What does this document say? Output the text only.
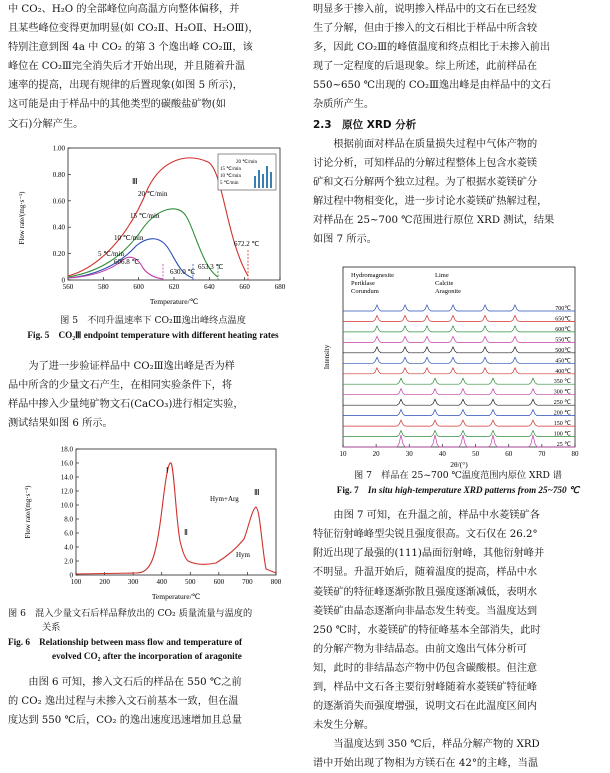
中 CO₂、H₂O 的全部峰位向高温方向整体偏移，并

且某些峰位变得更加明显(如 CO₂Ⅱ、H₂OⅡ、H₂OⅢ)，

特别注意到图 4a 中 CO₂ 的第 3 个逸出峰 CO₂Ⅲ，该

峰位在 CO₂Ⅲ完全消失后才开始出现，并且随着升温

速率的提高，出现有规律的后置现象(如图 5 所示)，

这可能是由于样品中的其他类型的碳酸盐矿物(如

文石)分解产生。

0
0.20
0.40
0.60
0.80
1.00
560	580	600	620	640	660	680
606.8 ℃
630.0 ℃
653.3 ℃
672.2 ℃
Ⅲ
20 ℃/min
15 ℃/min
10 ℃/min
5 ℃/min
20 ℃/min
15 ℃/min
10 ℃/min
5 ℃/min
Flow rate/(mg·s⁻¹)
Temperature/℃
图 5　不同升温速率下 CO₂Ⅲ逸出峰终点温度
Fig. 5　 CO₂Ⅲ endpoint temperature with different heating rates

为了进一步验证样品中 CO₂Ⅲ逸出峰是否为样

品中所含的少量文石产生，在相同实验条件下，将

样品中掺入少量纯矿物文石(CaCO₃)进行相定实验，

测试结果如图 6 所示。

0
2.0
4.0
6.0
8.0
10.0
12.0
14.0
16.0
18.0
100	200	300	400	500	600	700	800
Ⅰ
Ⅱ
Hym+Arg
Ⅲ
Hym
Flow rate/(mg·s⁻¹)
Temperature/℃
图 6　混入少量文石后样品释放出的 CO₂ 质量流量与温度的
关系
Fig. 6　Relationship between mass flow and temperature of
evolved CO₂ after the incorporation of aragonite

由图 6 可知，掺入文石后的样品在 550 ℃之前

的 CO₂ 逸出过程与未掺入文石前基本一致，但在温

度达到 550 ℃后，CO₂ 的逸出速度迅速增加且总量

明显多于掺入前，说明掺入样品中的文石在已经发

生了分解，但由于掺入的文石相比于样品中所含较

多，因此 CO₂Ⅲ的峰值温度和终点相比于未掺入前出

现了一定程度的后退现象。综上所述，此前样品在

550~650 ℃出现的 CO₂Ⅲ逸出峰是由样品中的文石

杂质所产生。

2.3　原位 XRD 分析

根据前面对样品在质量损失过程中气体产物的

讨论分析，可知样品的分解过程整体上包含水菱镁

矿和文石分解两个独立过程。为了根据水菱镁矿分

解过程中物相变化，进一步讨论水菱镁矿热解过程，

对样品在 25~700 ℃范围进行原位 XRD 测试，结果

如图 7 所示。

10	20	30	40	50	60	70	80
700℃
650℃
600℃
550℃
500℃
450℃
400℃
350 ℃
300 ℃
250 ℃
200 ℃
150 ℃
100 ℃
25 ℃
Hydromagnesite
Periklase
Corundum
Lime
Calcite
Aragonite
Intensity
2θ/(°)
图 7　样品在 25~700 ℃温度范围内原位 XRD 谱
Fig. 7　 In situ high-temperature XRD patterns from 25~750 ℃

由图 7 可知，在升温之前，样品中水菱镁矿各

特征衍射峰峰型尖锐且强度很高。文石仅在 26.2°

附近出现了最强的(111)晶面衍射峰，其他衍射峰并

不明显。升温开始后，随着温度的提高，样品中水

菱镁矿的特征峰逐渐弥散且强度逐渐减低，表明水

菱镁矿由晶态逐渐向非晶态发生转变。当温度达到

250 ℃时，水菱镁矿的特征峰基本全部消失，此时

的分解产物为非结晶态。由前文逸出气体分析可

知，此时的非结晶态产物中仍包含碳酸根。但注意

到，样品中文石各主要衍射峰随着水菱镁矿特征峰

的逐渐消失而强度增强，说明文石在此温度区间内

未发生分解。

当温度达到 350 ℃后，样品分解产物的 XRD

谱中开始出现了物相为方镁石在 42°的主峰，当温
